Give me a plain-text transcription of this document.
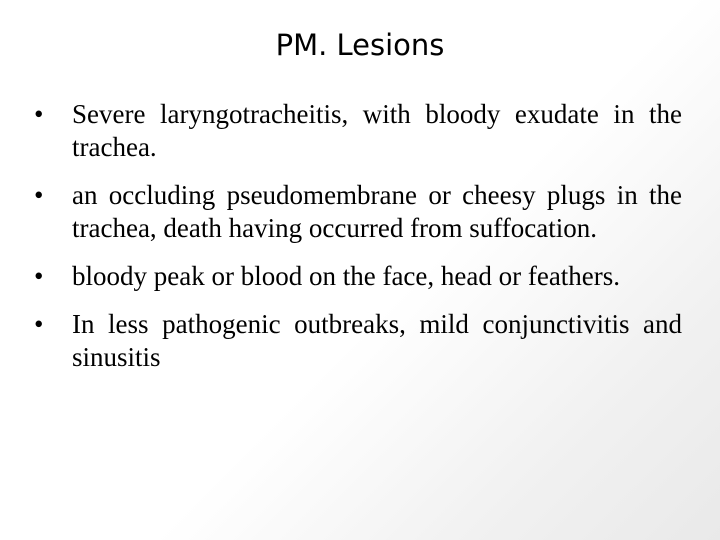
PM. Lesions
• Severe laryngotracheitis, with bloody exudate in the trachea.
• an occluding pseudomembrane or cheesy plugs in the trachea, death having occurred from suffocation.
• bloody peak or blood on the face, head or feathers.
• In less pathogenic outbreaks, mild conjunctivitis and sinusitis
